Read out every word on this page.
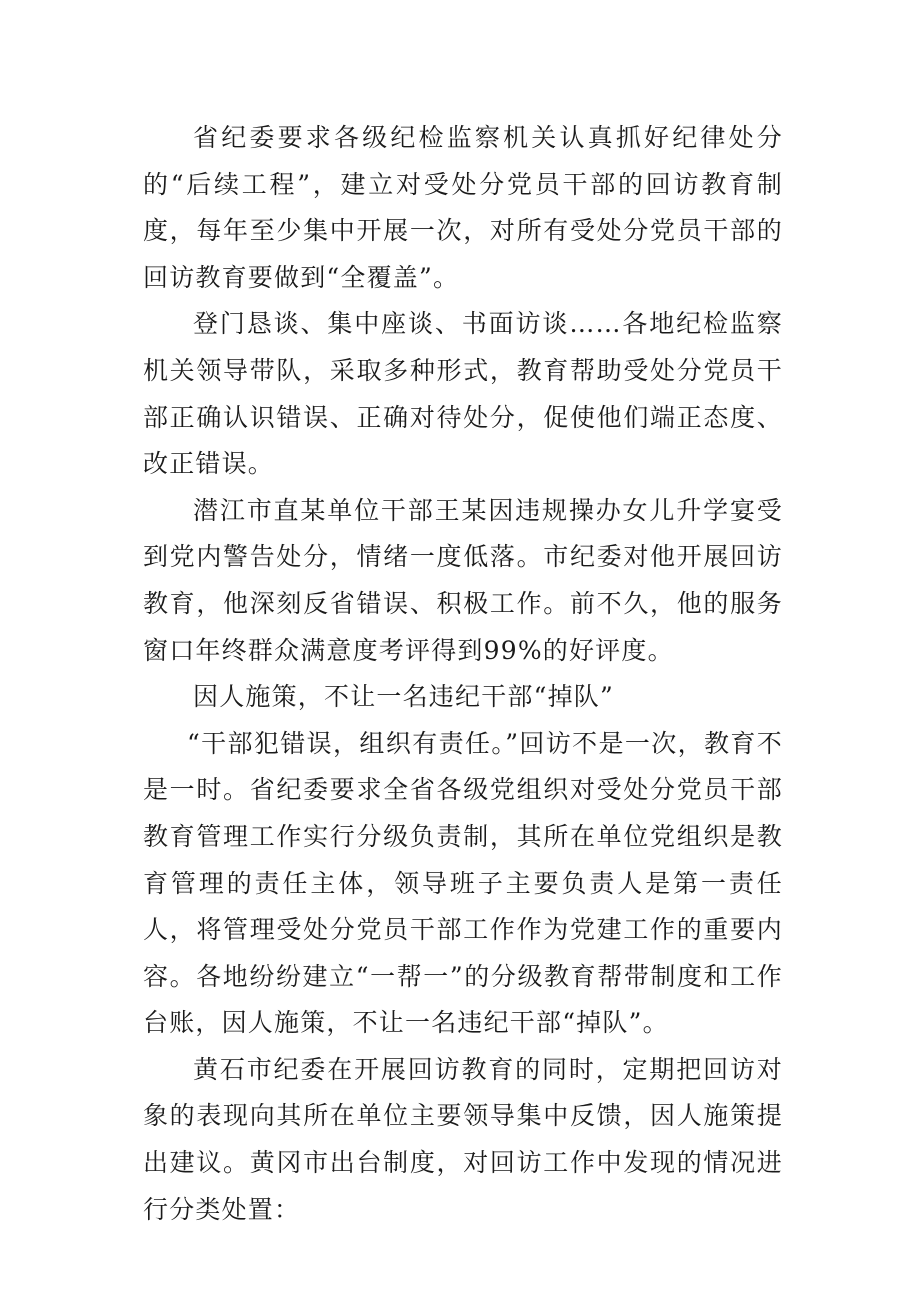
省纪委要求各级纪检监察机关认真抓好纪律处分的“后续工程”，建立对受处分党员干部的回访教育制度，每年至少集中开展一次，对所有受处分党员干部的回访教育要做到“全覆盖”。

登门恳谈、集中座谈、书面访谈……各地纪检监察机关领导带队，采取多种形式，教育帮助受处分党员干部正确认识错误、正确对待处分，促使他们端正态度、改正错误。

潜江市直某单位干部王某因违规操办女儿升学宴受到党内警告处分，情绪一度低落。市纪委对他开展回访教育，他深刻反省错误、积极工作。前不久，他的服务窗口年终群众满意度考评得到99%的好评度。

因人施策，不让一名违纪干部“掉队”

“干部犯错误，组织有责任。”回访不是一次，教育不是一时。省纪委要求全省各级党组织对受处分党员干部教育管理工作实行分级负责制，其所在单位党组织是教育管理的责任主体，领导班子主要负责人是第一责任人，将管理受处分党员干部工作作为党建工作的重要内容。各地纷纷建立“一帮一”的分级教育帮带制度和工作台账，因人施策，不让一名违纪干部“掉队”。

黄石市纪委在开展回访教育的同时，定期把回访对象的表现向其所在单位主要领导集中反馈，因人施策提出建议。黄冈市出台制度，对回访工作中发现的情况进行分类处置：
